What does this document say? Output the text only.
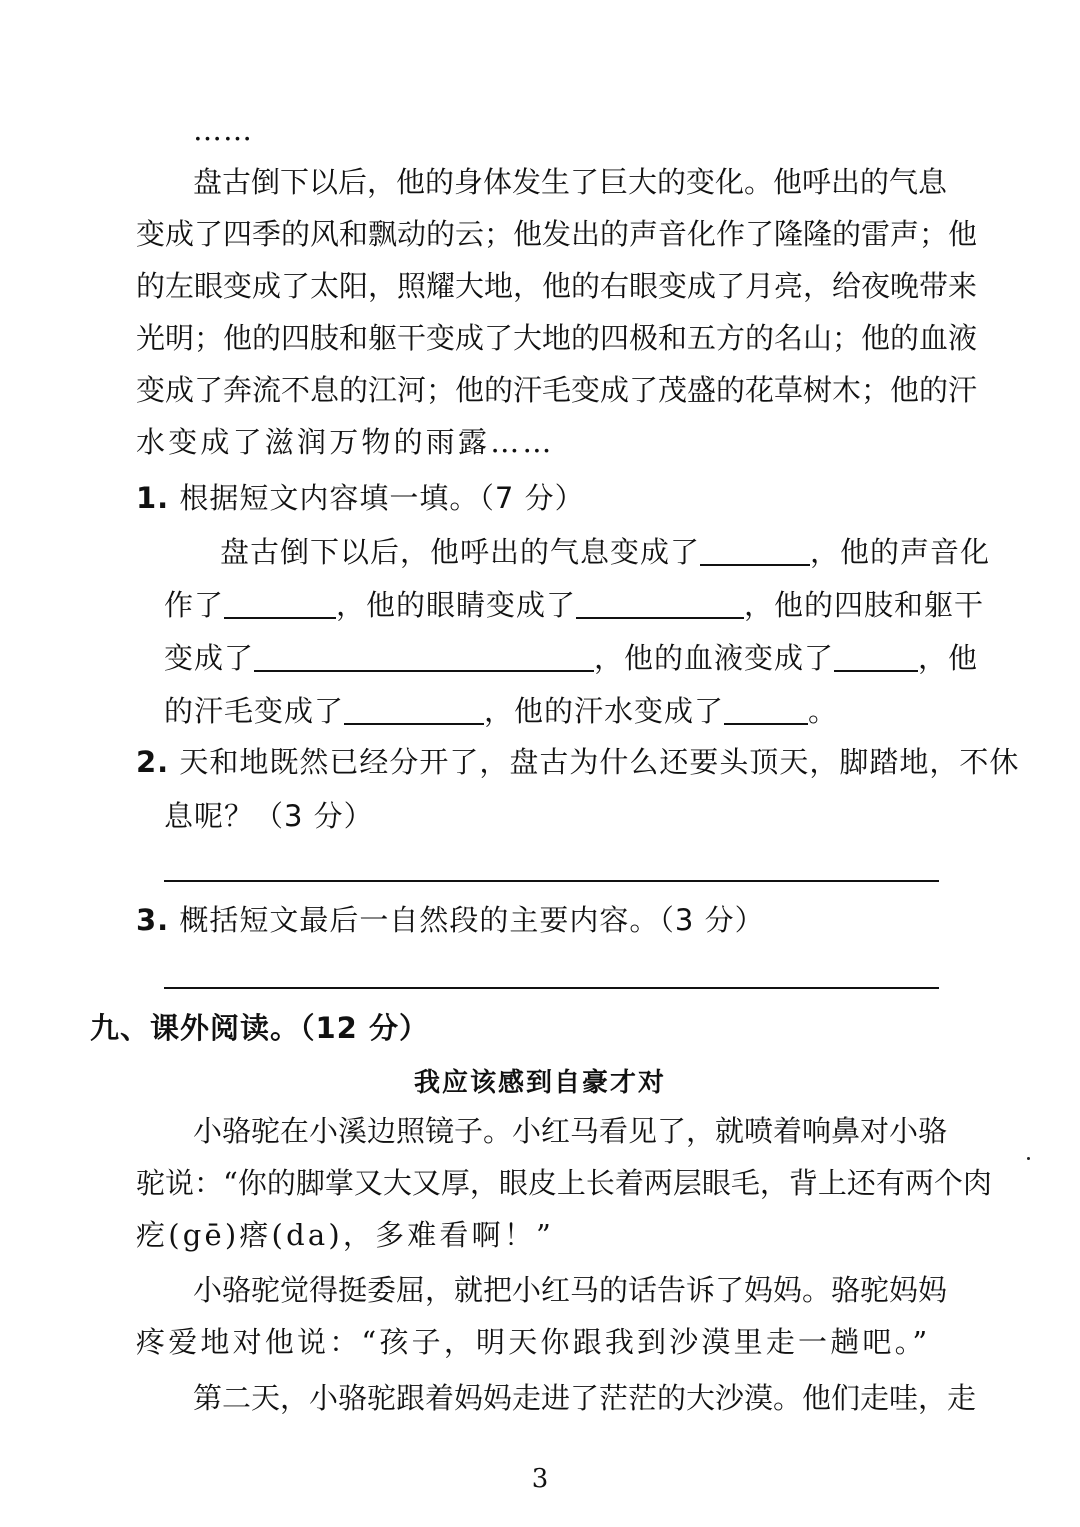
……
盘古倒下以后，他的身体发生了巨大的变化。他呼出的气息
变成了四季的风和飘动的云；他发出的声音化作了隆隆的雷声；他
的左眼变成了太阳，照耀大地，他的右眼变成了月亮，给夜晚带来
光明；他的四肢和躯干变成了大地的四极和五方的名山；他的血液
变成了奔流不息的江河；他的汗毛变成了茂盛的花草树木；他的汗
水变成了滋润万物的雨露……
1. 根据短文内容填一填。（7 分）
盘古倒下以后，他呼出的气息变成了	，他的声音化
作了	，他的眼睛变成了	，他的四肢和躯干
变成了	，他的血液变成了	，他
的汗毛变成了	，他的汗水变成了	。
2. 天和地既然已经分开了，盘古为什么还要头顶天，脚踏地，不休
息呢？（3 分）
3. 概括短文最后一自然段的主要内容。（3 分）
九、课外阅读。（12 分）
我应该感到自豪才对
小骆驼在小溪边照镜子。小红马看见了，就喷着响鼻对小骆
驼说：“你的脚掌又大又厚，眼皮上长着两层眼毛，背上还有两个肉
疙(gē)瘩(da)，多难看啊！”
小骆驼觉得挺委屈，就把小红马的话告诉了妈妈。骆驼妈妈
疼爱地对他说：“孩子，明天你跟我到沙漠里走一趟吧。”
第二天，小骆驼跟着妈妈走进了茫茫的大沙漠。他们走哇，走
3
